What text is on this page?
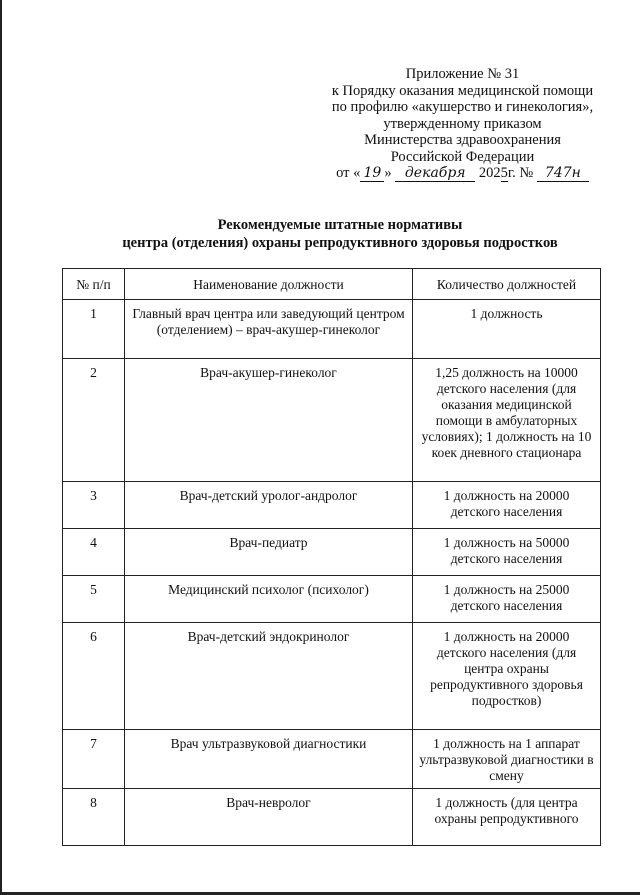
Приложение № 31
к Порядку оказания медицинской помощи
по профилю «акушерство и гинекология»,
утвержденному приказом
Министерства здравоохранения
Российской Федерации
от « 19 » декабря 2025г. № 747н
Рекомендуемые штатные нормативы
центра (отделения) охраны репродуктивного здоровья подростков
№ п/п	Наименование должности	Количество должностей
1	Главный врач центра или заведующий центром (отделением) – врач-акушер-гинеколог	1 должность
2	Врач-акушер-гинеколог	1,25 должность на 10000 детского населения (для оказания медицинской помощи в амбулаторных условиях); 1 должность на 10 коек дневного стационара
3	Врач-детский уролог-андролог	1 должность на 20000 детского населения
4	Врач-педиатр	1 должность на 50000 детского населения
5	Медицинский психолог (психолог)	1 должность на 25000 детского населения
6	Врач-детский эндокринолог	1 должность на 20000 детского населения (для центра охраны репродуктивного здоровья подростков)
7	Врач ультразвуковой диагностики	1 должность на 1 аппарат ультразвуковой диагностики в смену
8	Врач-невролог	1 должность (для центра охраны репродуктивного
